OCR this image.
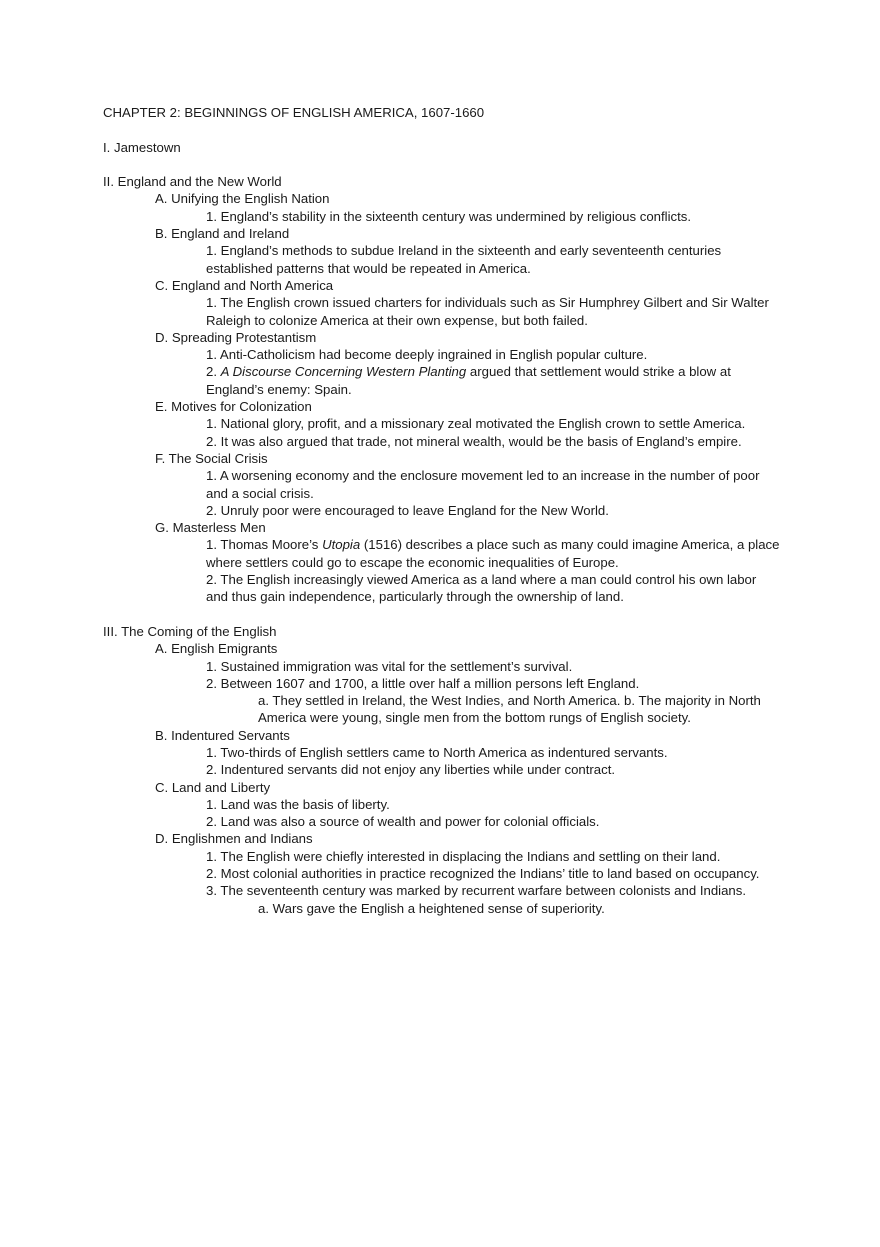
CHAPTER 2: BEGINNINGS OF ENGLISH AMERICA, 1607-1660
I. Jamestown
II. England and the New World
A. Unifying the English Nation
1. England’s stability in the sixteenth century was undermined by religious conflicts.
B. England and Ireland
1. England’s methods to subdue Ireland in the sixteenth and early seventeenth centuries established patterns that would be repeated in America.
C. England and North America
1. The English crown issued charters for individuals such as Sir Humphrey Gilbert and Sir Walter Raleigh to colonize America at their own expense, but both failed.
D. Spreading Protestantism
1. Anti-Catholicism had become deeply ingrained in English popular culture.
2. A Discourse Concerning Western Planting argued that settlement would strike a blow at England’s enemy: Spain.
E. Motives for Colonization
1. National glory, profit, and a missionary zeal motivated the English crown to settle America.
2. It was also argued that trade, not mineral wealth, would be the basis of England’s empire.
F. The Social Crisis
1. A worsening economy and the enclosure movement led to an increase in the number of poor and a social crisis.
2. Unruly poor were encouraged to leave England for the New World.
G. Masterless Men
1. Thomas Moore’s Utopia (1516) describes a place such as many could imagine America, a place where settlers could go to escape the economic inequalities of Europe.
2. The English increasingly viewed America as a land where a man could control his own labor and thus gain independence, particularly through the ownership of land.
III. The Coming of the English
A. English Emigrants
1. Sustained immigration was vital for the settlement’s survival.
2. Between 1607 and 1700, a little over half a million persons left England.
a. They settled in Ireland, the West Indies, and North America. b. The majority in North America were young, single men from the bottom rungs of English society.
B. Indentured Servants
1. Two-thirds of English settlers came to North America as indentured servants.
2. Indentured servants did not enjoy any liberties while under contract.
C. Land and Liberty
1. Land was the basis of liberty.
2. Land was also a source of wealth and power for colonial officials.
D. Englishmen and Indians
1. The English were chiefly interested in displacing the Indians and settling on their land.
2. Most colonial authorities in practice recognized the Indians’ title to land based on occupancy.
3. The seventeenth century was marked by recurrent warfare between colonists and Indians.
a. Wars gave the English a heightened sense of superiority.
